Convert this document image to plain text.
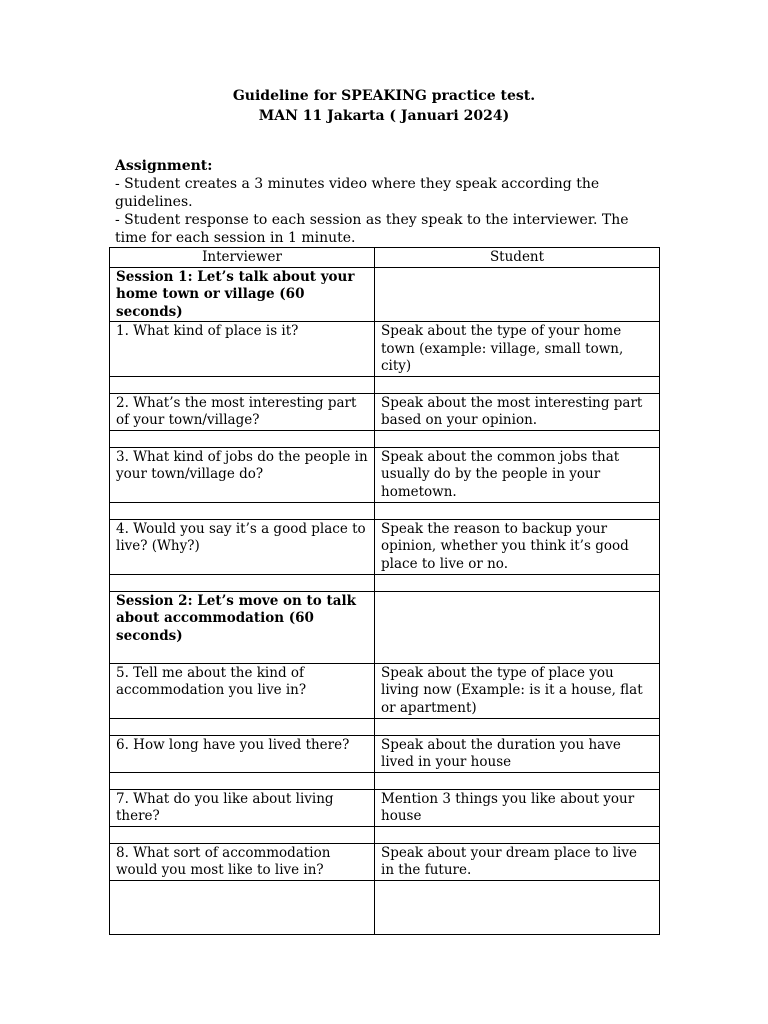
Guideline for SPEAKING practice test.
MAN 11 Jakarta ( Januari 2024)
Assignment:
- Student creates a 3 minutes video where they speak according the guidelines.
- Student response to each session as they speak to the interviewer. The time for each session in 1 minute.
Interviewer	Student
Session 1: Let’s talk about your home town or village (60 seconds)	
1. What kind of place is it?	Speak about the type of your home town (example: village, small town, city)

2. What’s the most interesting part of your town/village?	Speak about the most interesting part based on your opinion.

3. What kind of jobs do the people in your town/village do?	Speak about the common jobs that usually do by the people in your hometown.

4. Would you say it’s a good place to live? (Why?)	Speak the reason to backup your opinion, whether you think it’s good place to live or no.

Session 2: Let’s move on to talk about accommodation (60 seconds)	
5. Tell me about the kind of accommodation you live in?	Speak about the type of place you living now (Example: is it a house, flat or apartment)

6. How long have you lived there?	Speak about the duration you have lived in your house

7. What do you like about living there?	Mention 3 things you like about your house

8. What sort of accommodation would you most like to live in?	Speak about your dream place to live in the future.
